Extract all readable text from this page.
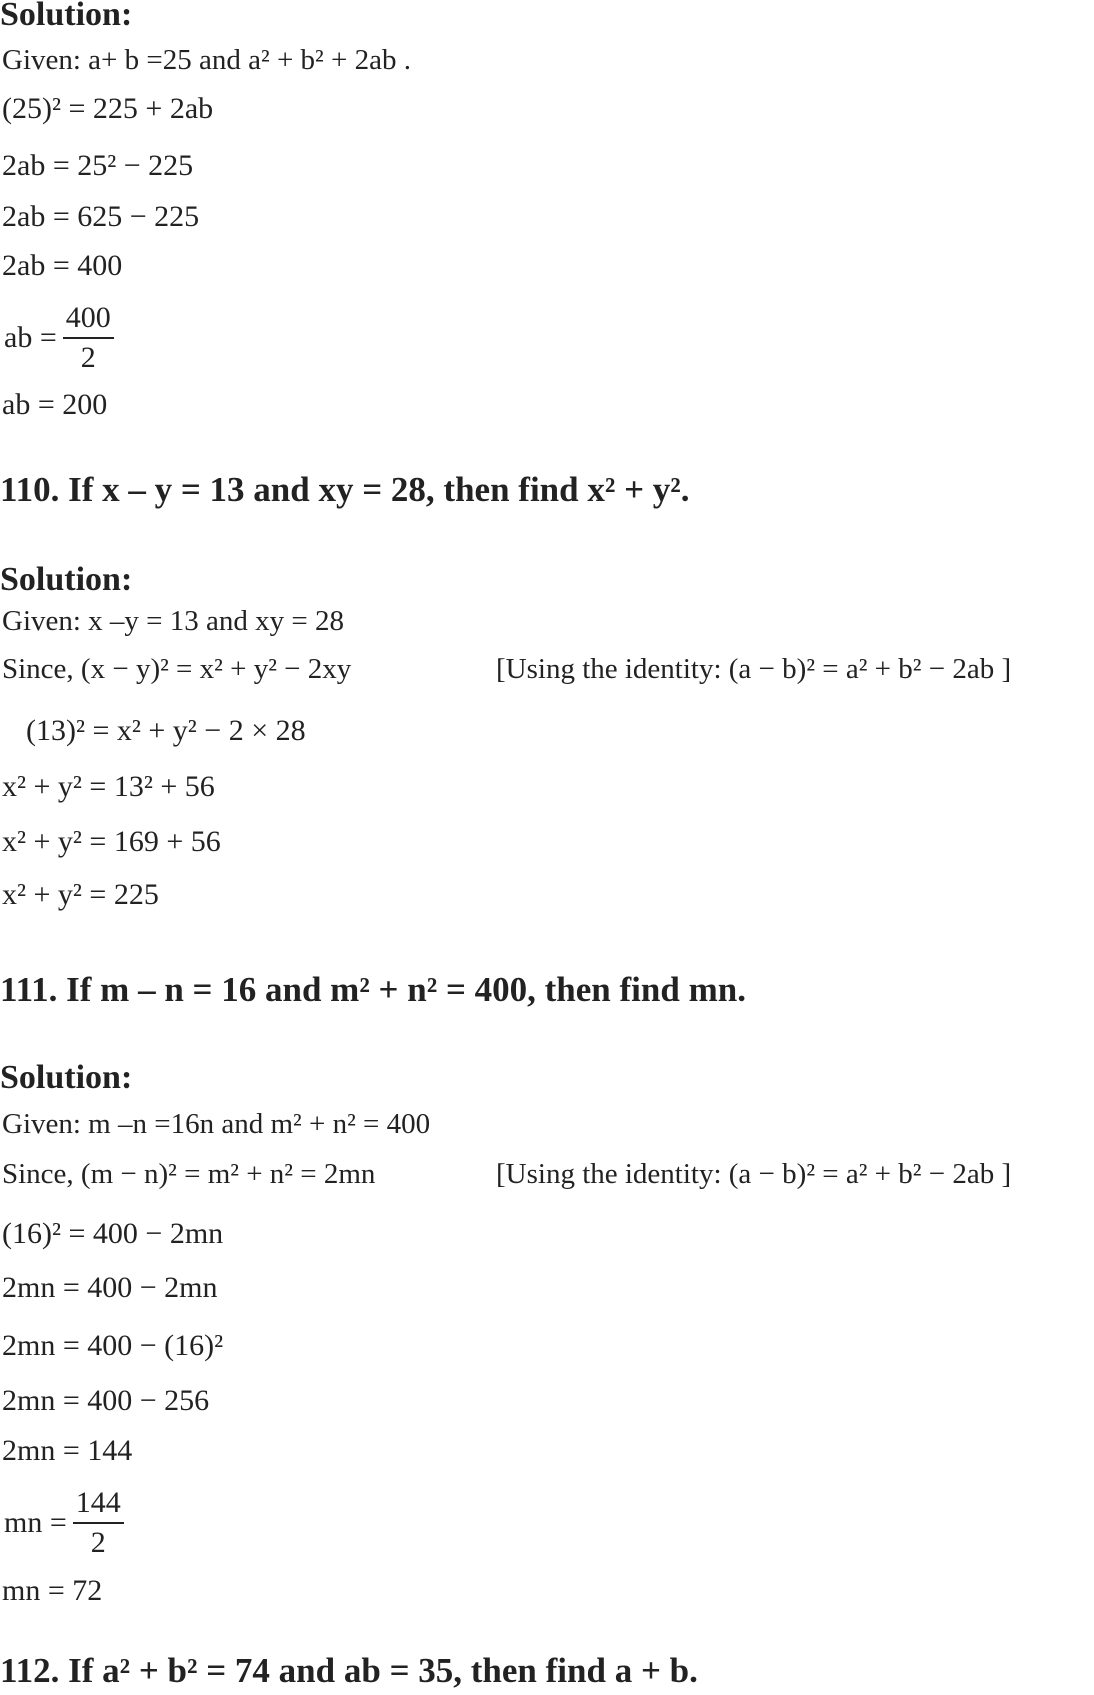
Solution:
Given: a+ b =25 and a² + b² + 2ab .
(25)² = 225 + 2ab
2ab = 25² − 225
2ab = 625 − 225
2ab = 400
ab = $\frac{400}{2}$
ab = 200
110. If x – y = 13 and xy = 28, then find x² + y².
Solution:
Given: x –y = 13 and xy = 28
Since, (x − y)² = x² + y² − 2xy	[Using the identity: (a − b)² = a² + b² − 2ab ]
(13)² = x² + y² − 2 × 28
x² + y² = 13² + 56
x² + y² = 169 + 56
x² + y² = 225
111. If m – n = 16 and m² + n² = 400, then find mn.
Solution:
Given: m –n =16n and m² + n² = 400
Since, (m − n)² = m² + n² = 2mn	[Using the identity: (a − b)² = a² + b² − 2ab ]
(16)² = 400 − 2mn
2mn = 400 − 2mn
2mn = 400 − (16)²
2mn = 400 − 256
2mn = 144
mn = $\frac{144}{2}$
mn = 72
112. If a² + b² = 74 and ab = 35, then find a + b.
